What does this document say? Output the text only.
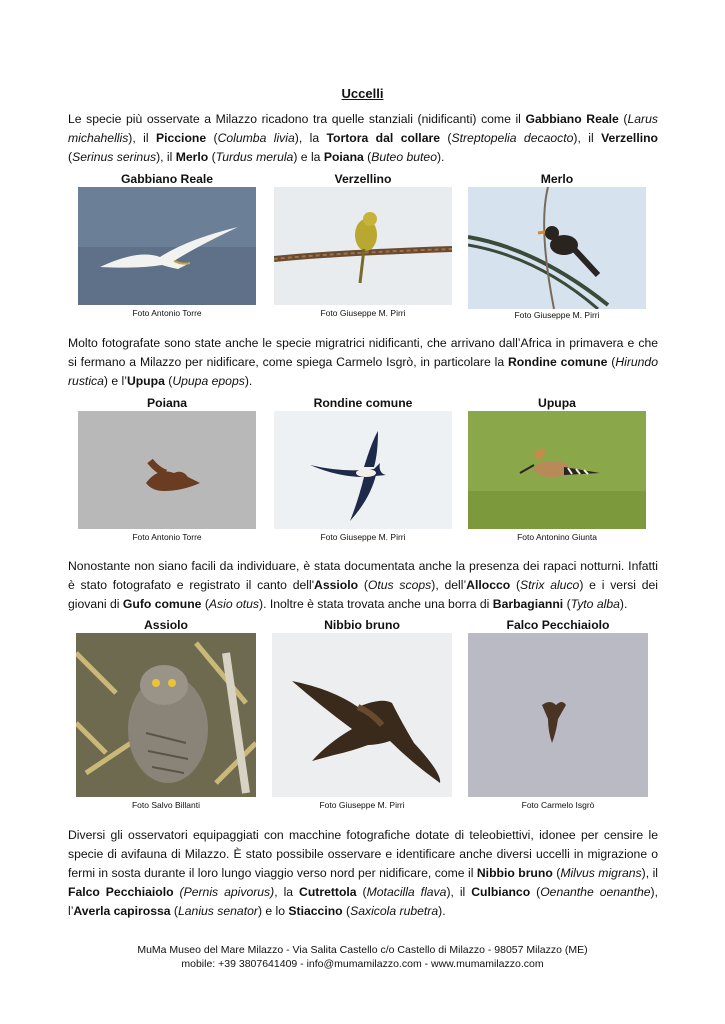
Uccelli
Le specie più osservate a Milazzo ricadono tra quelle stanziali (nidificanti) come il Gabbiano Reale (Larus michahellis), il Piccione (Columba livia), la Tortora dal collare (Streptopelia decaocto), il Verzellino (Serinus serinus), il Merlo (Turdus merula) e la Poiana (Buteo buteo).
Gabbiano Reale
Foto Antonio Torre
Verzellino
Foto Giuseppe M. Pirri
Merlo
Foto Giuseppe M. Pirri
Molto fotografate sono state anche le specie migratrici nidificanti, che arrivano dall’Africa in primavera e che si fermano a Milazzo per nidificare, come spiega Carmelo Isgrò, in particolare la Rondine comune (Hirundo rustica) e l’Upupa (Upupa epops).
Poiana
Foto Antonio Torre
Rondine comune
Foto Giuseppe M. Pirri
Upupa
Foto Antonino Giunta
Nonostante non siano facili da individuare, è stata documentata anche la presenza dei rapaci notturni. Infatti è stato fotografato e registrato il canto dell'Assiolo (Otus scops), dell’Allocco (Strix aluco) e i versi dei giovani di Gufo comune (Asio otus). Inoltre è stata trovata anche una borra di Barbagianni (Tyto alba).
Assiolo
Foto Salvo Billanti
Nibbio bruno
Foto Giuseppe M. Pirri
Falco Pecchiaiolo
Foto Carmelo Isgrò
Diversi gli osservatori equipaggiati con macchine fotografiche dotate di teleobiettivi, idonee per censire le specie di avifauna di Milazzo. È stato possibile osservare e identificare anche diversi uccelli in migrazione o fermi in sosta durante il loro lungo viaggio verso nord per nidificare, come il Nibbio bruno (Milvus migrans), il Falco Pecchiaiolo (Pernis apivorus), la Cutrettola (Motacilla flava), il Culbianco (Oenanthe oenanthe), l’Averla capirossa (Lanius senator) e lo Stiaccino (Saxicola rubetra).
MuMa Museo del Mare Milazzo - Via Salita Castello c/o Castello di Milazzo - 98057 Milazzo (ME)
mobile: +39 3807641409 - info@mumamilazzo.com - www.mumamilazzo.com
